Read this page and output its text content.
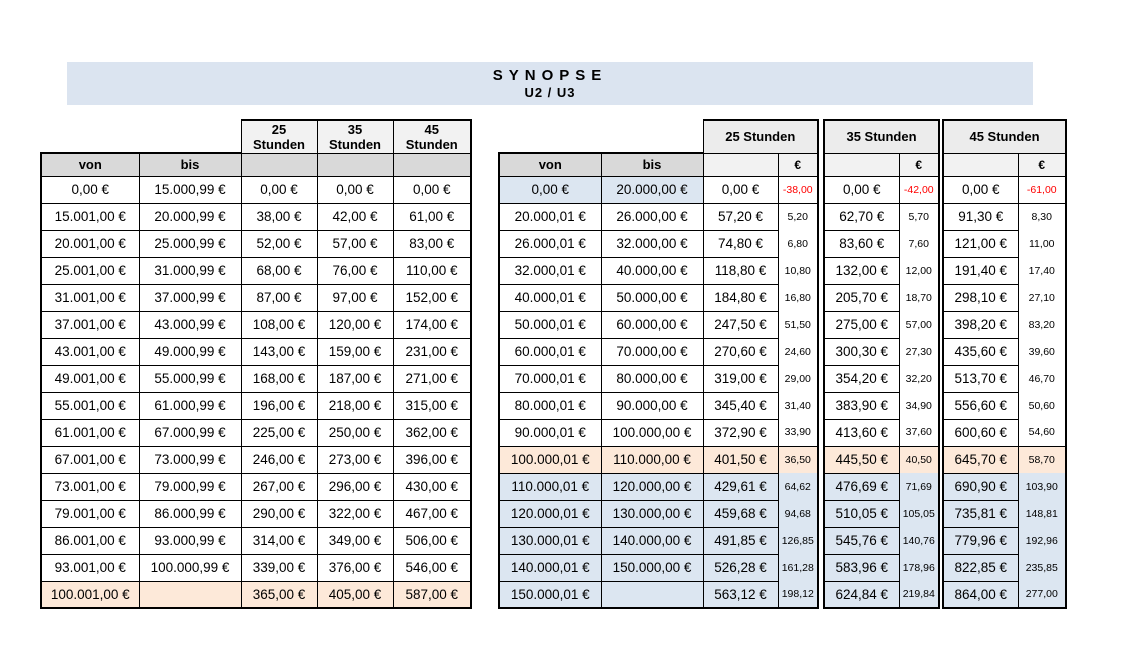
SYNOPSE
U2 / U3
		25 Stunden	35 Stunden	45 Stunden
von	bis			
0,00 €	15.000,99 €	0,00 €	0,00 €	0,00 €
15.001,00 €	20.000,99 €	38,00 €	42,00 €	61,00 €
20.001,00 €	25.000,99 €	52,00 €	57,00 €	83,00 €
25.001,00 €	31.000,99 €	68,00 €	76,00 €	110,00 €
31.001,00 €	37.000,99 €	87,00 €	97,00 €	152,00 €
37.001,00 €	43.000,99 €	108,00 €	120,00 €	174,00 €
43.001,00 €	49.000,99 €	143,00 €	159,00 €	231,00 €
49.001,00 €	55.000,99 €	168,00 €	187,00 €	271,00 €
55.001,00 €	61.000,99 €	196,00 €	218,00 €	315,00 €
61.001,00 €	67.000,99 €	225,00 €	250,00 €	362,00 €
67.001,00 €	73.000,99 €	246,00 €	273,00 €	396,00 €
73.001,00 €	79.000,99 €	267,00 €	296,00 €	430,00 €
79.001,00 €	86.000,99 €	290,00 €	322,00 €	467,00 €
86.001,00 €	93.000,99 €	314,00 €	349,00 €	506,00 €
93.001,00 €	100.000,99 €	339,00 €	376,00 €	546,00 €
100.001,00 €		365,00 €	405,00 €	587,00 €
		25 Stunden	
von	bis		€
0,00 €	20.000,00 €	0,00 €	-38,00
20.000,01 €	26.000,00 €	57,20 €	5,20
26.000,01 €	32.000,00 €	74,80 €	6,80
32.000,01 €	40.000,00 €	118,80 €	10,80
40.000,01 €	50.000,00 €	184,80 €	16,80
50.000,01 €	60.000,00 €	247,50 €	51,50
60.000,01 €	70.000,00 €	270,60 €	24,60
70.000,01 €	80.000,00 €	319,00 €	29,00
80.000,01 €	90.000,00 €	345,40 €	31,40
90.000,01 €	100.000,00 €	372,90 €	33,90
100.000,01 €	110.000,00 €	401,50 €	36,50
110.000,01 €	120.000,00 €	429,61 €	64,62
120.000,01 €	130.000,00 €	459,68 €	94,68
130.000,01 €	140.000,00 €	491,85 €	126,85
140.000,01 €	150.000,00 €	526,28 €	161,28
150.000,01 €		563,12 €	198,12
35 Stunden	
	€
0,00 €	-42,00
62,70 €	5,70
83,60 €	7,60
132,00 €	12,00
205,70 €	18,70
275,00 €	57,00
300,30 €	27,30
354,20 €	32,20
383,90 €	34,90
413,60 €	37,60
445,50 €	40,50
476,69 €	71,69
510,05 €	105,05
545,76 €	140,76
583,96 €	178,96
624,84 €	219,84
45 Stunden	
	€
0,00 €	-61,00
91,30 €	8,30
121,00 €	11,00
191,40 €	17,40
298,10 €	27,10
398,20 €	83,20
435,60 €	39,60
513,70 €	46,70
556,60 €	50,60
600,60 €	54,60
645,70 €	58,70
690,90 €	103,90
735,81 €	148,81
779,96 €	192,96
822,85 €	235,85
864,00 €	277,00
